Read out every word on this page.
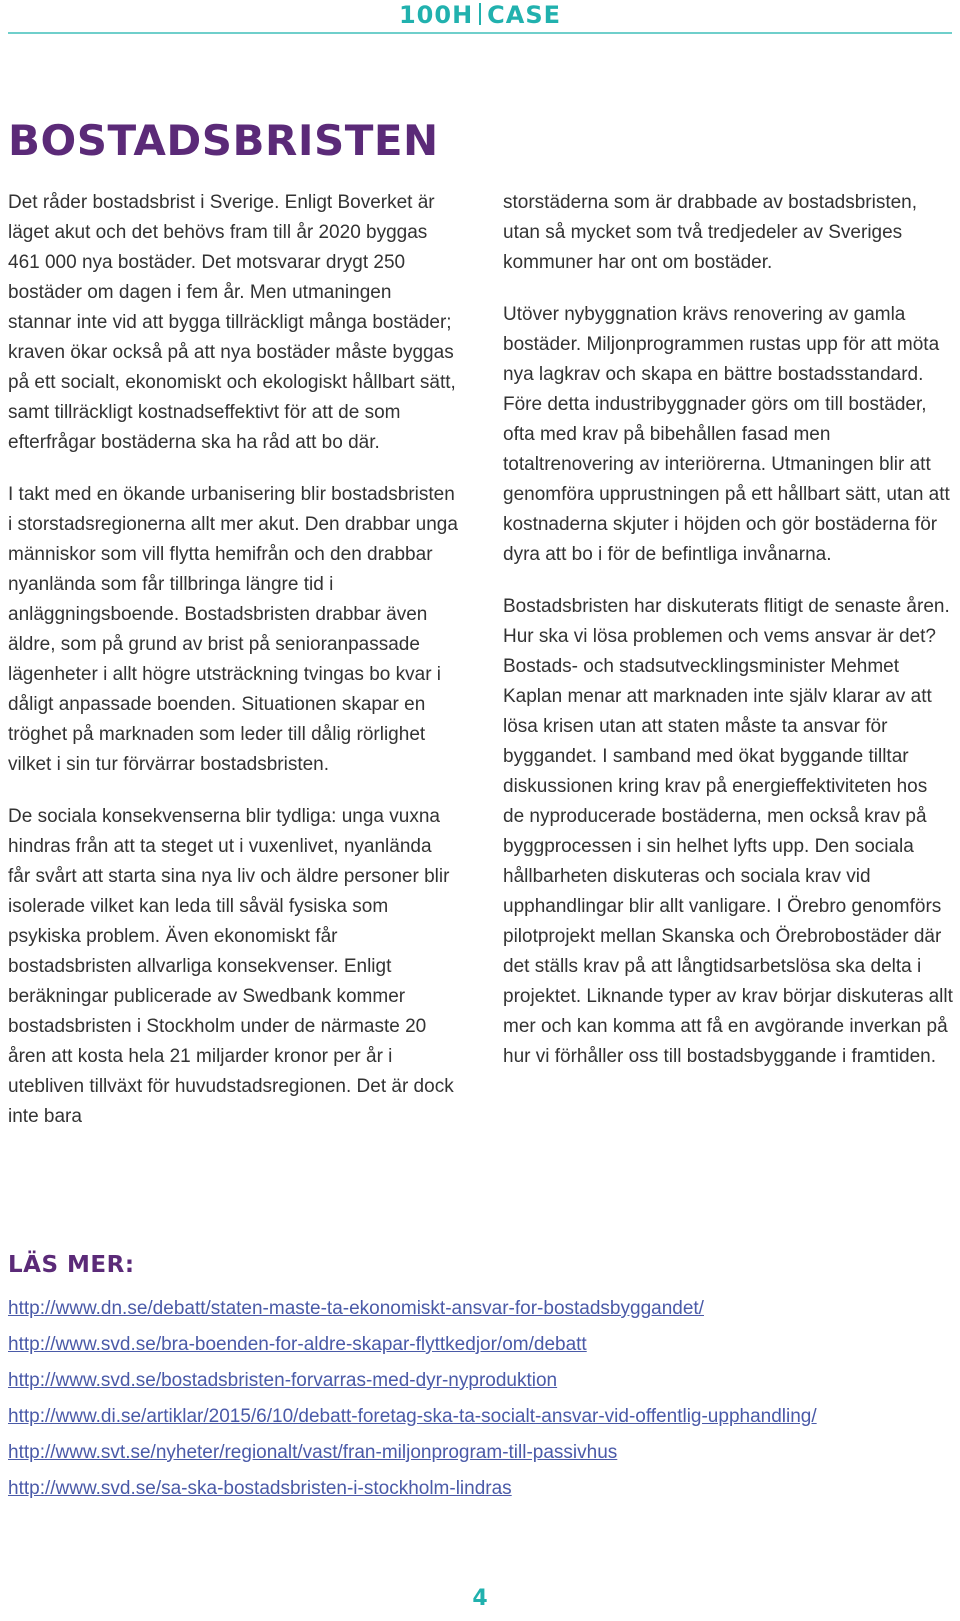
100H CASE
BOSTADSBRISTEN

Det råder bostadsbrist i Sverige. Enligt Boverket är läget akut och det behövs fram till år 2020 byggas 461 000 nya bostäder. Det motsvarar drygt 250 bostäder om dagen i fem år. Men utmaningen stannar inte vid att bygga tillräckligt många bostäder; kraven ökar också på att nya bostäder måste byggas på ett socialt, ekonomiskt och ekologiskt hållbart sätt, samt tillräckligt kostnadseffektivt för att de som efterfrågar bostäderna ska ha råd att bo där.

I takt med en ökande urbanisering blir bostadsbristen i storstadsregionerna allt mer akut. Den drabbar unga människor som vill flytta hemifrån och den drabbar nyanlända som får tillbringa längre tid i anläggningsboende. Bostadsbristen drabbar även äldre, som på grund av brist på senioranpassade lägenheter i allt högre utsträckning tvingas bo kvar i dåligt anpassade boenden. Situationen skapar en tröghet på marknaden som leder till dålig rörlighet vilket i sin tur förvärrar bostadsbristen.

De sociala konsekvenserna blir tydliga: unga vuxna hindras från att ta steget ut i vuxenlivet, nyanlända får svårt att starta sina nya liv och äldre personer blir isolerade vilket kan leda till såväl fysiska som psykiska problem. Även ekonomiskt får bostadsbristen allvarliga konsekvenser. Enligt beräkningar publicerade av Swedbank kommer bostadsbristen i Stockholm under de närmaste 20 åren att kosta hela 21 miljarder kronor per år i utebliven tillväxt för huvudstadsregionen. Det är dock inte bara

storstäderna som är drabbade av bostadsbristen, utan så mycket som två tredjedeler av Sveriges kommuner har ont om bostäder.

Utöver nybyggnation krävs renovering av gamla bostäder. Miljonprogrammen rustas upp för att möta nya lagkrav och skapa en bättre bostadsstandard. Före detta industribyggnader görs om till bostäder, ofta med krav på bibehållen fasad men totaltrenovering av interiörerna. Utmaningen blir att genomföra upprustningen på ett hållbart sätt, utan att kostnaderna skjuter i höjden och gör bostäderna för dyra att bo i för de befintliga invånarna.

Bostadsbristen har diskuterats flitigt de senaste åren. Hur ska vi lösa problemen och vems ansvar är det? Bostads- och stadsutvecklingsminister Mehmet Kaplan menar att marknaden inte själv klarar av att lösa krisen utan att staten måste ta ansvar för byggandet. I samband med ökat byggande tilltar diskussionen kring krav på energieffektiviteten hos de nyproducerade bostäderna, men också krav på byggprocessen i sin helhet lyfts upp. Den sociala hållbarheten diskuteras och sociala krav vid upphandlingar blir allt vanligare. I Örebro genomförs pilotprojekt mellan Skanska och Örebrobostäder där det ställs krav på att långtidsarbetslösa ska delta i projektet. Liknande typer av krav börjar diskuteras allt mer och kan komma att få en avgörande inverkan på hur vi förhåller oss till bostadsbyggande i framtiden.

LÄS MER:
http://www.dn.se/debatt/staten-maste-ta-ekonomiskt-ansvar-for-bostadsbyggandet/
http://www.svd.se/bra-boenden-for-aldre-skapar-flyttkedjor/om/debatt
http://www.svd.se/bostadsbristen-forvarras-med-dyr-nyproduktion
http://www.di.se/artiklar/2015/6/10/debatt-foretag-ska-ta-socialt-ansvar-vid-offentlig-upphandling/
http://www.svt.se/nyheter/regionalt/vast/fran-miljonprogram-till-passivhus
http://www.svd.se/sa-ska-bostadsbristen-i-stockholm-lindras
4
